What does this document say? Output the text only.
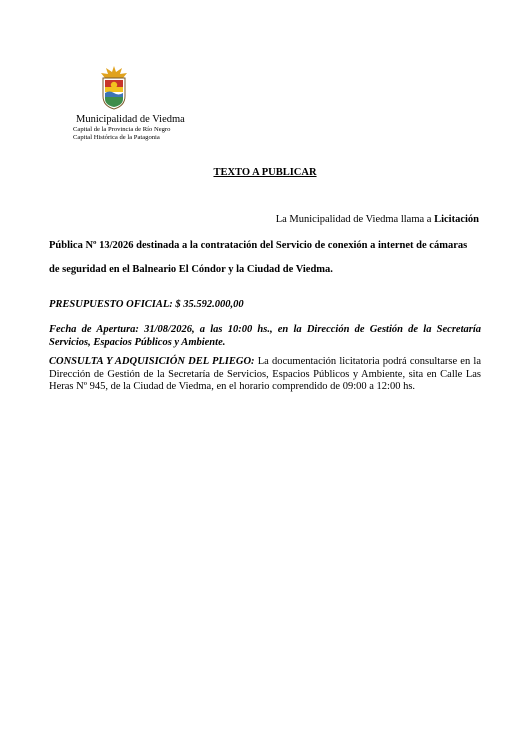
Municipalidad de Viedma
Capital de la Provincia de Río Negro
Capital Histórica de la Patagonia
TEXTO A PUBLICAR
La Municipalidad de Viedma llama a Licitación
Pública Nº 13/2026 destinada a la contratación del Servicio de conexión a internet de cámaras
de seguridad en el Balneario El Cóndor y la Ciudad de Viedma.
PRESUPUESTO OFICIAL: $ 35.592.000,00

Fecha de Apertura: 31/08/2026, a las 10:00 hs., en la Dirección de Gestión de la Secretaría Servicios, Espacios Públicos y Ambiente.

CONSULTA Y ADQUISICIÓN DEL PLIEGO: La documentación licitatoria podrá consultarse en la Dirección de Gestión de la Secretaría de Servicios, Espacios Públicos y Ambiente, sita en Calle Las Heras Nº 945, de la Ciudad de Viedma, en el horario comprendido de 09:00 a 12:00 hs.
